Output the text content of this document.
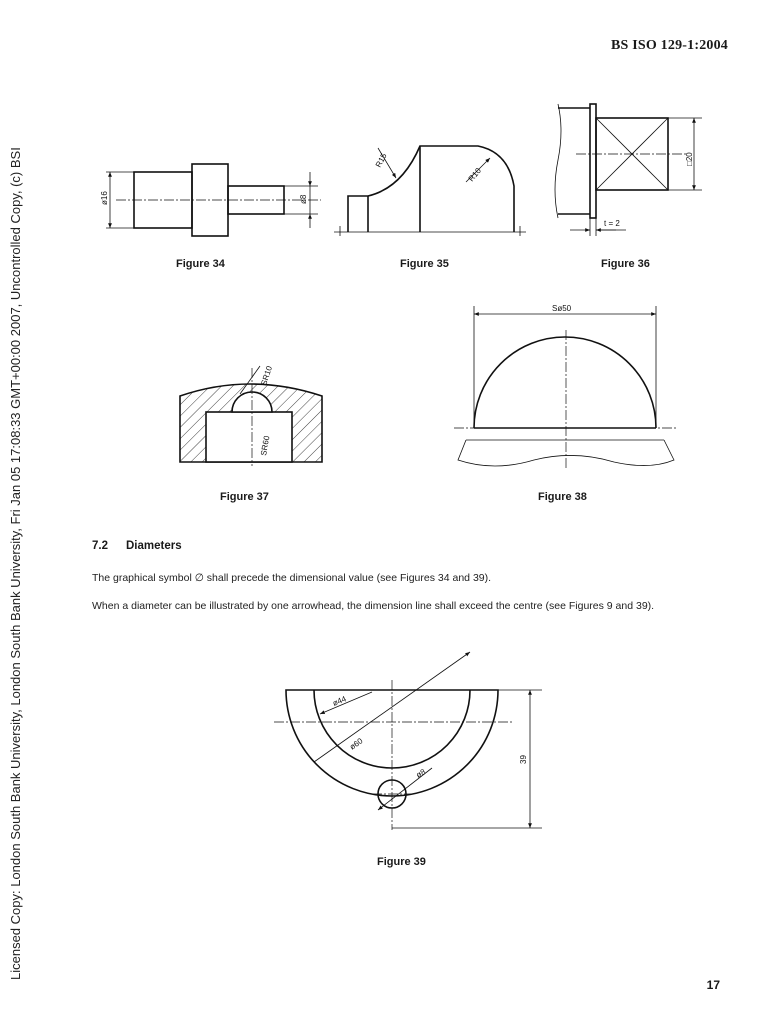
BS ISO 129-1:2004
Licensed Copy: London South Bank University, London South Bank University, Fri Jan 05 17:08:33 GMT+00:00 2007, Uncontrolled Copy, (c) BSI	ø16	ø8
Figure 34
R15
R10
Figure 35
□20
t = 2
Figure 36
SR10
SR60
Figure 37
Sø50
Figure 38
7.2 Diameters
The graphical symbol ∅ shall precede the dimensional value (see Figures 34 and 39).
When a diameter can be illustrated by one arrowhead, the dimension line shall exceed the centre (see Figures 9 and 39).
ø60
ø44
ø8
39
Figure 39
17
